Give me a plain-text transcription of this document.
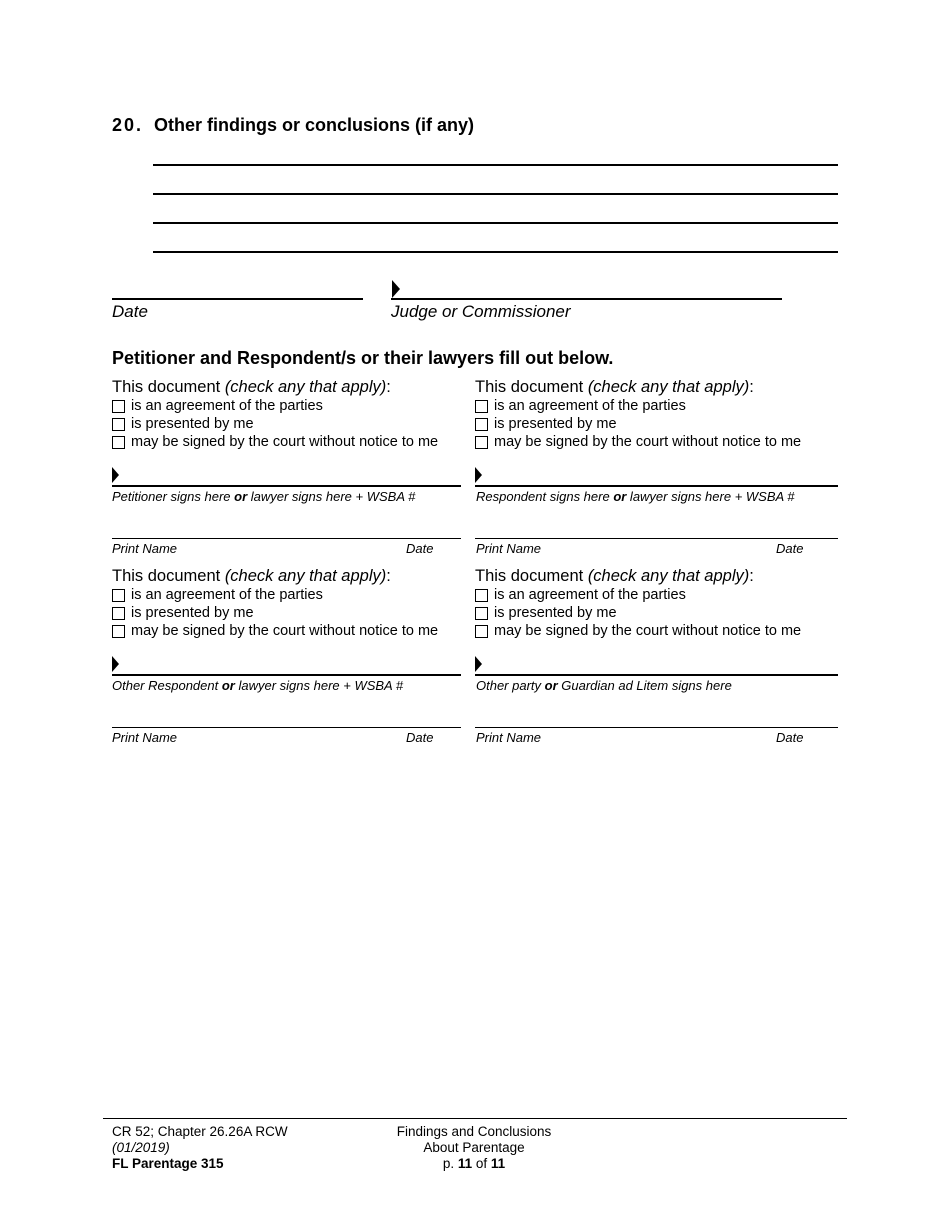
20. Other findings or conclusions (if any)
Date	Judge or Commissioner
Petitioner and Respondent/s or their lawyers fill out below.
This document (check any that apply):
is an agreement of the parties
is presented by me
may be signed by the court without notice to me
Petitioner signs here or lawyer signs here + WSBA #
Print Name	Date
This document (check any that apply):
is an agreement of the parties
is presented by me
may be signed by the court without notice to me
Respondent signs here or lawyer signs here + WSBA #
Print Name	Date
This document (check any that apply):
is an agreement of the parties
is presented by me
may be signed by the court without notice to me
Other Respondent or lawyer signs here + WSBA #
Print Name	Date
This document (check any that apply):
is an agreement of the parties
is presented by me
may be signed by the court without notice to me
Other party or Guardian ad Litem signs here
Print Name	Date
CR 52; Chapter 26.26A RCW
(01/2019)
FL Parentage 315
Findings and Conclusions
About Parentage
p. 11 of 11
